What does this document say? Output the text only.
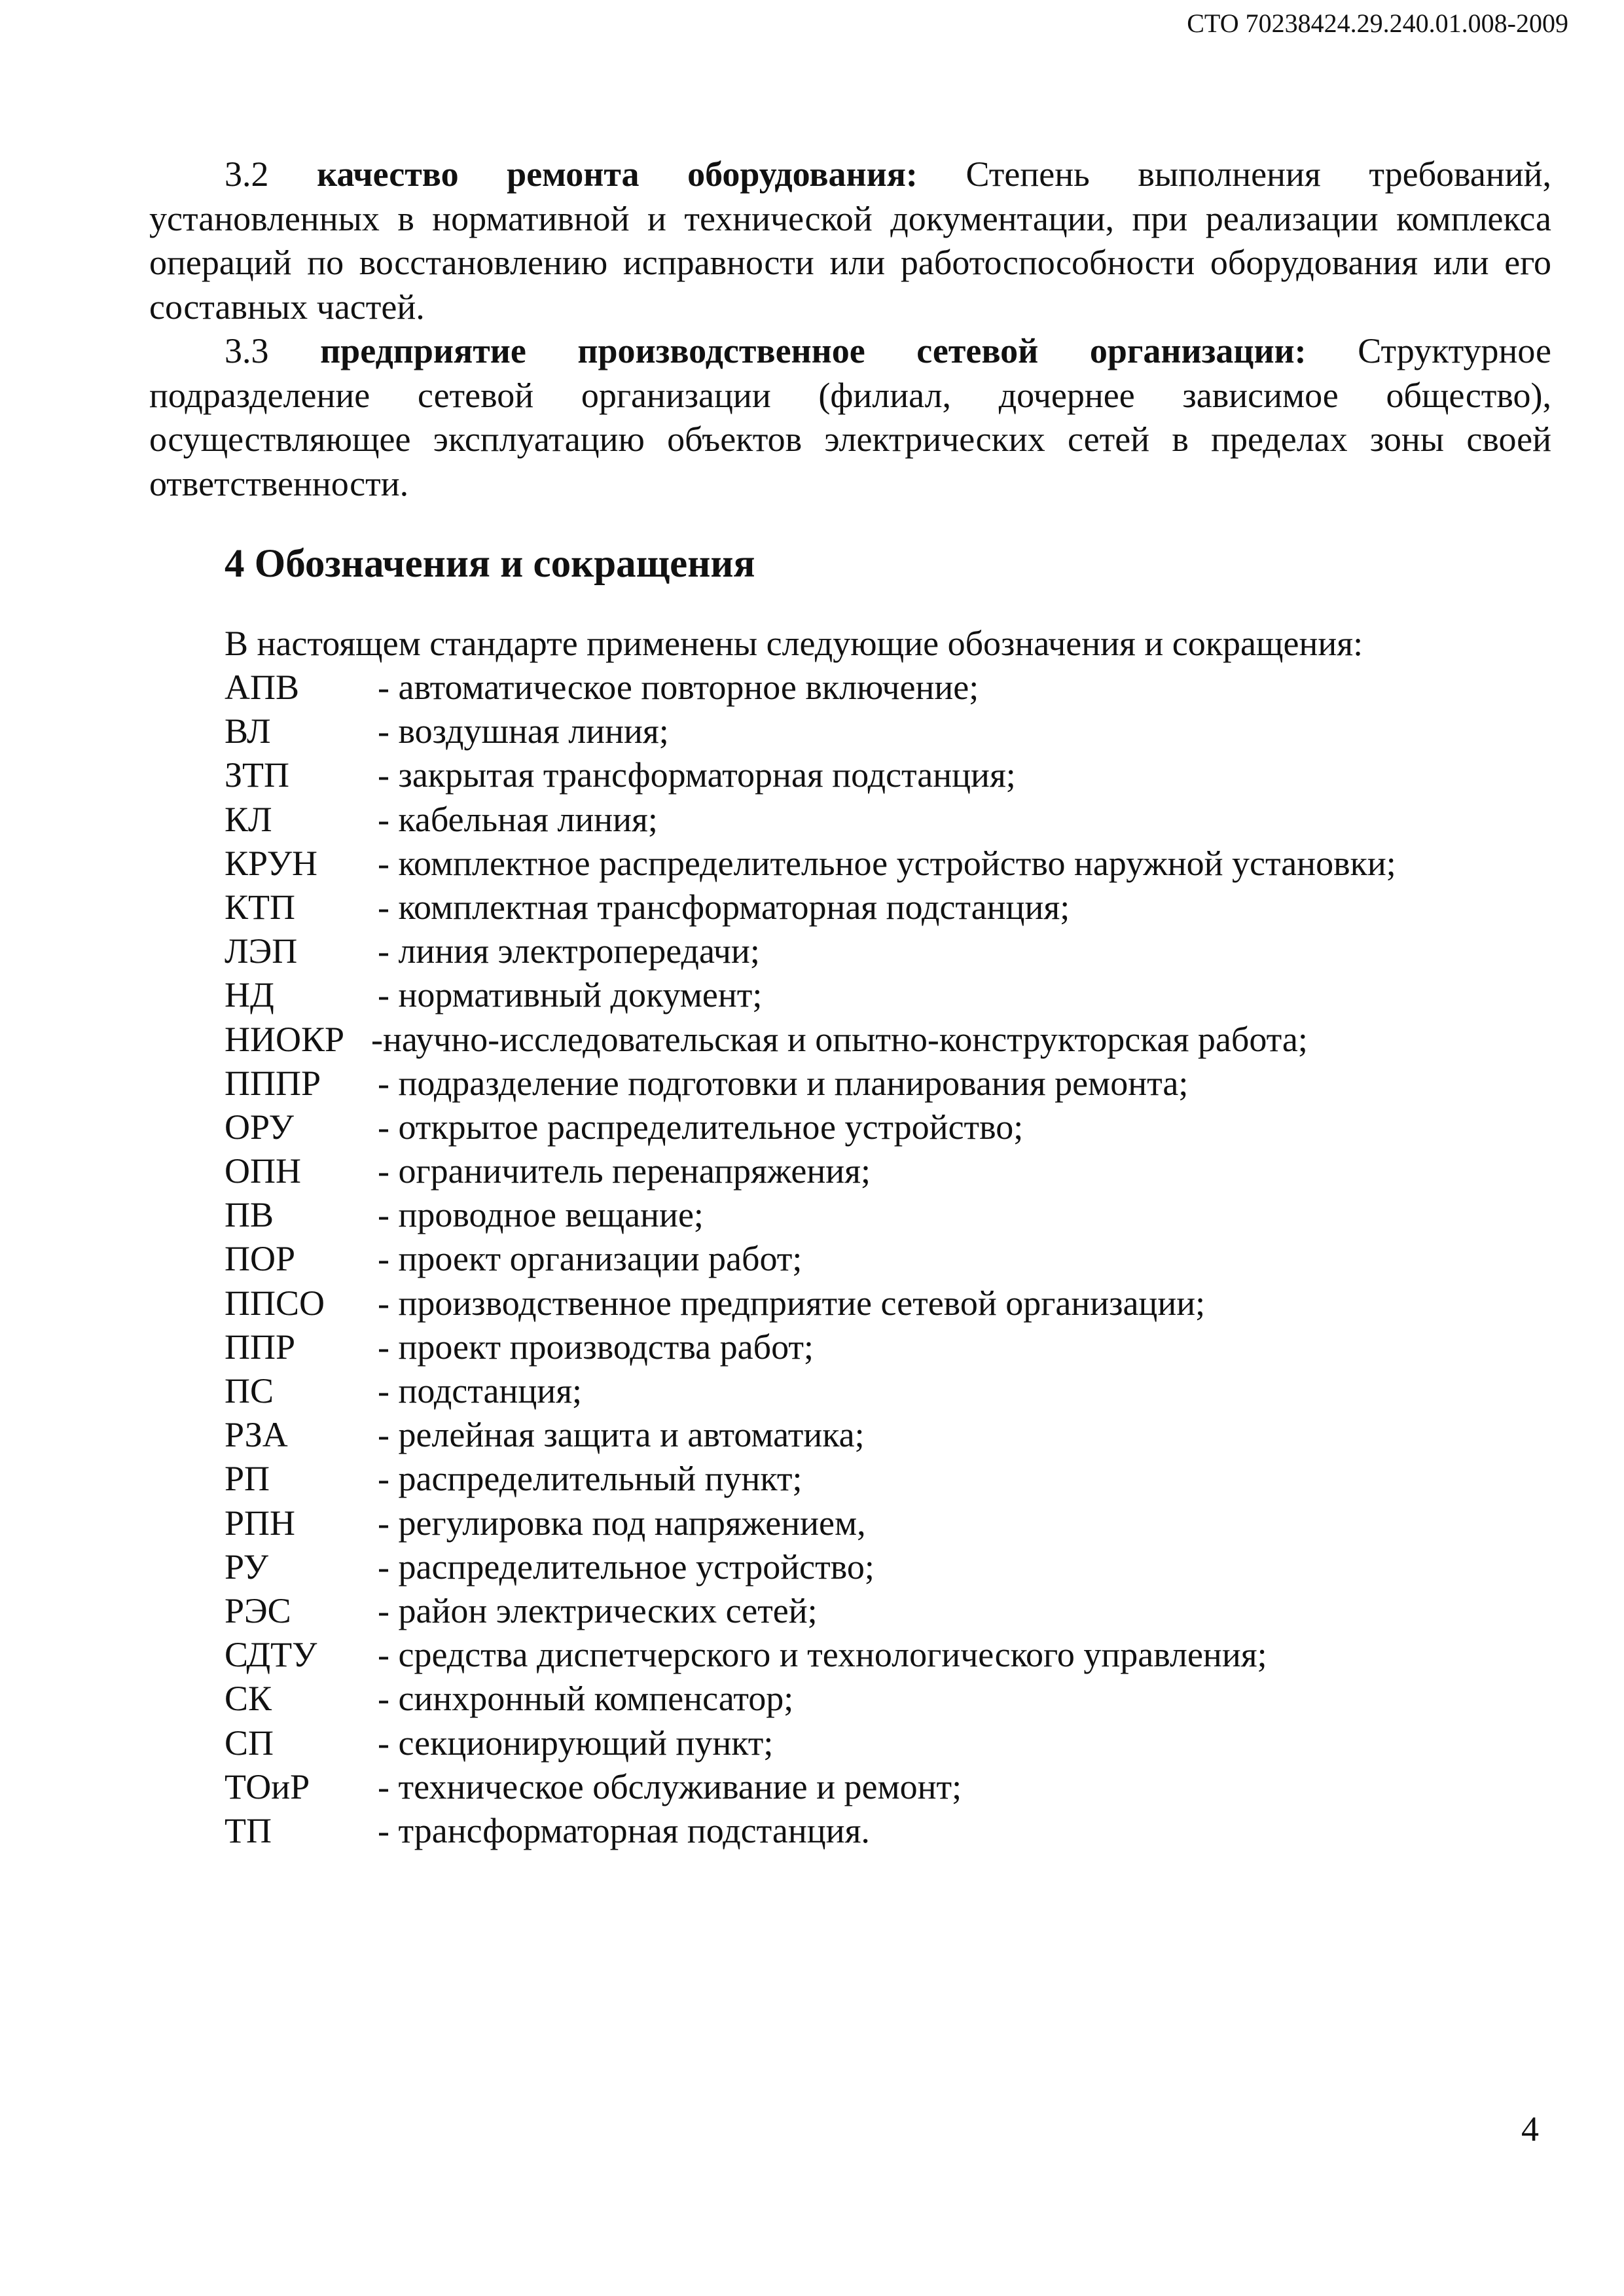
СТО 70238424.29.240.01.008-2009

3.2 качество ремонта оборудования: Степень выполнения требований, установленных в нормативной и технической документации, при реализации комплекса операций по восстановлению исправности или работоспособности оборудования или его составных частей.

3.3 предприятие производственное сетевой организации: Структурное подразделение сетевой организации (филиал, дочернее зависимое общество), осуществляющее эксплуатацию объектов электрических сетей в пределах зоны своей ответственности.

4 Обозначения и сокращения
В настоящем стандарте применены следующие обозначения и сокращения:
АПВ - автоматическое повторное включение;
ВЛ	- воздушная линия;
ЗТП - закрытая трансформаторная подстанция;
КЛ	- кабельная линия;
КРУН - комплектное распределительное устройство наружной установки;
КТП - комплектная трансформаторная подстанция;
ЛЭП - линия электропередачи;
НД	- нормативный документ;
НИОКР -научно-исследовательская и опытно-конструкторская работа;
ПППР - подразделение подготовки и планирования ремонта;
ОРУ - открытое распределительное устройство;
ОПН - ограничитель перенапряжения;
ПВ	- проводное вещание;
ПОР - проект организации работ;
ППСО - производственное предприятие сетевой организации;
ППР - проект производства работ;
ПС	- подстанция;
РЗА	- релейная защита и автоматика;
РП	- распределительный пункт;
РПН - регулировка под напряжением,
РУ	- распределительное устройство;
РЭС - район электрических сетей;
СДТУ - средства диспетчерского и технологического управления;
СК	- синхронный компенсатор;
СП	- секционирующий пункт;
ТОиР - техническое обслуживание и ремонт;
ТП	- трансформаторная подстанция.
4
